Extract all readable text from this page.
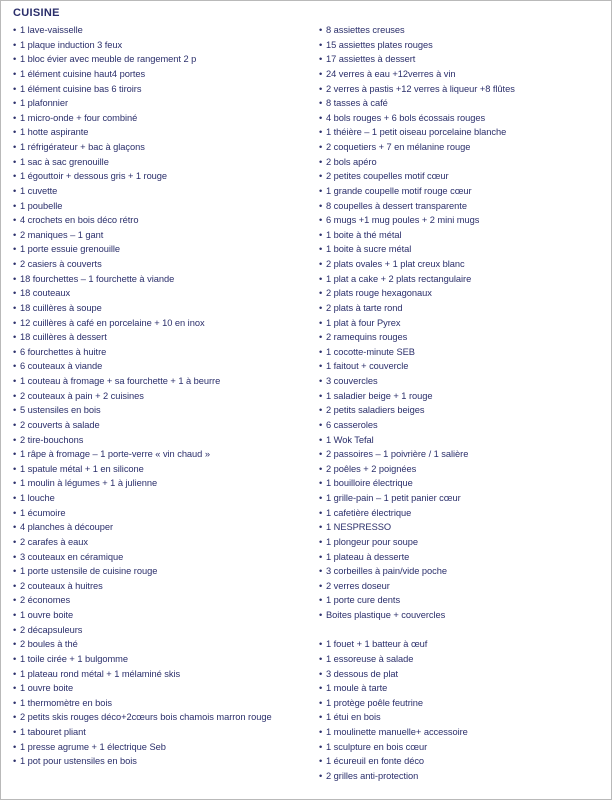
CUISINE
• 1 lave-vaisselle
• 1 plaque induction 3 feux
• 1 bloc évier avec meuble de rangement 2 p
• 1 élément cuisine haut4 portes
• 1 élément cuisine bas 6 tiroirs
• 1 plafonnier
• 1 micro-onde + four combiné
• 1 hotte aspirante
• 1 réfrigérateur + bac à glaçons
• 1 sac à sac grenouille
• 1 égouttoir + dessous gris + 1 rouge
• 1 cuvette
• 1 poubelle
• 4 crochets en bois déco rétro
• 2 maniques – 1 gant
• 1 porte essuie grenouille
• 2 casiers à couverts
• 18 fourchettes – 1 fourchette à viande
• 18 couteaux
• 18 cuillères à soupe
• 12 cuillères à café en porcelaine + 10 en inox
• 18 cuillères à dessert
• 6 fourchettes à huitre
• 6 couteaux à viande
• 1 couteau à fromage + sa fourchette + 1 à beurre
• 2 couteaux à pain + 2 cuisines
• 5 ustensiles en bois
• 2 couverts à salade
• 2 tire-bouchons
• 1 râpe à fromage – 1 porte-verre « vin chaud »
• 1 spatule métal + 1 en silicone
• 1 moulin à légumes + 1 à julienne
• 1 louche
• 1 écumoire
• 4 planches à découper
• 2 carafes à eaux
• 3 couteaux en céramique
• 1 porte ustensile de cuisine rouge
• 2 couteaux à huitres
• 2 économes
• 1 ouvre boite
• 2 décapsuleurs
• 2 boules à thé
• 1 toile cirée + 1 bulgomme
• 1 plateau rond métal + 1 mélaminé skis
• 1 ouvre boite
• 1 thermomètre en bois
• 2 petits skis rouges déco+2cœurs bois chamois marron rouge
• 1 tabouret pliant
• 1 presse agrume + 1 électrique Seb
• 1 pot pour ustensiles en bois
• 8 assiettes creuses
• 15 assiettes plates rouges
• 17 assiettes à dessert
• 24 verres à eau +12verres à vin
• 2 verres à pastis +12 verres à liqueur +8 flûtes
• 8 tasses à café
• 4 bols rouges + 6 bols écossais rouges
• 1 théière – 1 petit oiseau porcelaine blanche
• 2 coquetiers + 7 en mélanine rouge
• 2 bols apéro
• 2 petites coupelles motif cœur
• 1 grande coupelle motif rouge cœur
• 8 coupelles à dessert transparente
• 6 mugs +1 mug poules + 2 mini mugs
• 1 boite à thé métal
• 1 boite à sucre métal
• 2 plats ovales + 1 plat creux blanc
• 1 plat a cake + 2 plats rectangulaire
• 2 plats rouge hexagonaux
• 2 plats à tarte rond
• 1 plat à four Pyrex
• 2 ramequins rouges
• 1 cocotte-minute SEB
• 1 faitout + couvercle
• 3 couvercles
• 1 saladier beige + 1 rouge
• 2 petits saladiers beiges
• 6 casseroles
• 1 Wok Tefal
• 2 passoires – 1 poivrière / 1 salière
• 2 poêles + 2 poignées
• 1 bouilloire électrique
• 1 grille-pain – 1 petit panier cœur
• 1 cafetière électrique
• 1 NESPRESSO
• 1 plongeur pour soupe
• 1 plateau à desserte
• 3 corbeilles à pain/vide poche
• 2 verres doseur
• 1 porte cure dents
• Boites plastique + couvercles

• 1 fouet + 1 batteur à œuf
• 1 essoreuse à salade
• 3 dessous de plat
• 1 moule à tarte
• 1 protège poêle feutrine
• 1 étui en bois
• 1 moulinette manuelle+ accessoire
• 1 sculpture en bois cœur
• 1 écureuil en fonte déco
• 2 grilles anti-protection
